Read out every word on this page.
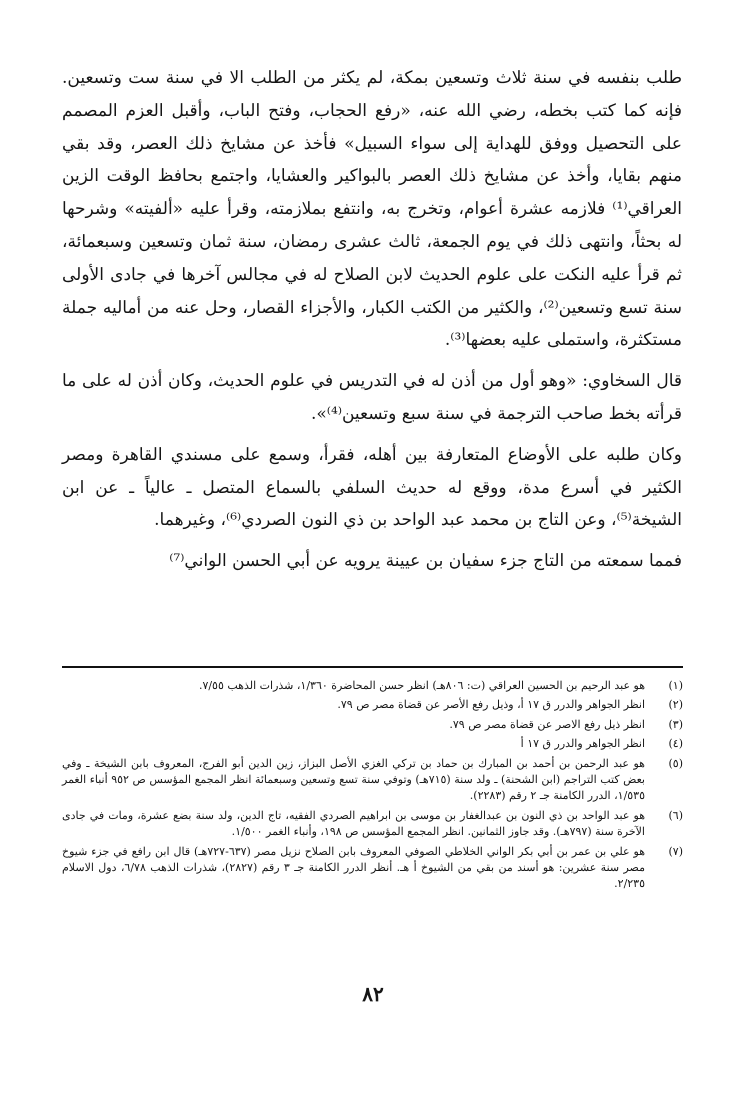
طلب بنفسه في سنة ثلاث وتسعين بمكة، لم يكثر من الطلب الا في سنة ست وتسعين. فإنه كما كتب بخطه، رضي الله عنه، «رفع الحجاب، وفتح الباب، وأقبل العزم المصمم على التحصيل ووفق للهداية إلى سواء السبيل» فأخذ عن مشايخ ذلك العصر، وقد بقي منهم بقايا، وأخذ عن مشايخ ذلك العصر بالبواكير والعشايا، واجتمع بحافظ الوقت الزين العراقي⁽¹⁾ فلازمه عشرة أعوام، وتخرج به، وانتفع بملازمته، وقرأ عليه «ألفيته» وشرحها له بحثاً، وانتهى ذلك في يوم الجمعة، ثالث عشرى رمضان، سنة ثمان وتسعين وسبعمائة، ثم قرأ عليه النكت على علوم الحديث لابن الصلاح له في مجالس آخرها في جادى الأولى سنة تسع وتسعين⁽²⁾، والكثير من الكتب الكبار، والأجزاء القصار، وحل عنه من أماليه جملة مستكثرة، واستملى عليه بعضها⁽³⁾.

قال السخاوي: «وهو أول من أذن له في التدريس في علوم الحديث، وكان أذن له على ما قرأته بخط صاحب الترجمة في سنة سبع وتسعين⁽⁴⁾».

وكان طلبه على الأوضاع المتعارفة بين أهله، فقرأ، وسمع على مسندي القاهرة ومصر الكثير في أسرع مدة، ووقع له حديث السلفي بالسماع المتصل ـ عالياً ـ عن ابن الشيخة⁽⁵⁾، وعن التاج بن محمد عبد الواحد بن ذي النون الصردي⁽⁶⁾، وغيرهما.

فمما سمعته من التاج جزء سفيان بن عيينة يرويه عن أبي الحسن الواني⁽⁷⁾

(١)
هو عبد الرحيم بن الحسين العراقي (ت: ٨٠٦هـ) انظر حسن المحاضرة ١/٣٦٠، شذرات الذهب ٧/٥٥.
(٢)
انظر الجواهر والدرر ق ١٧ أ، وذيل رفع الأصر عن قضاة مصر ص ٧٩.
(٣)
انظر ذيل رفع الاصر عن قضاة مصر ص ٧٩.
(٤)
انظر الجواهر والدرر ق ١٧ أ
(٥)
هو عبد الرحمن بن أحمد بن المبارك بن حماد بن تركي الغزي الأصل البزاز، زين الدين أبو الفرج، المعروف بابن الشيخة ـ وفي بعض كتب التراجم (ابن الشحنة) ـ ولد سنة (٧١٥هـ) وتوفي سنة تسع وتسعين وسبعمائة انظر المجمع المؤسس ص ٩٥٢ أنباء الغمر ١/٥٣٥، الدرر الكامنة جـ ٢ رقم (٢٢٨٣).
(٦)
هو عبد الواحد بن ذي النون بن عبدالغفار بن موسى بن ابراهيم الصردي الفقيه، تاج الدين، ولد سنة بضع عشرة، ومات في جادى الآخرة سنة (٧٩٧هـ). وقد جاوز الثمانين. انظر المجمع المؤسس ص ١٩٨، وأنباء الغمر ١/٥٠٠.
(٧)
هو علي بن عمر بن أبي بكر الواني الخلاطي الصوفي المعروف بابن الصلاح نزيل مصر (٦٣٧-٧٢٧هـ) قال ابن رافع في جزء شيوخ مصر سنة عشرين: هو أسند من بقي من الشيوخ أ هـ. أنظر الدرر الكامنة جـ ٣ رقم (٢٨٢٧)، شذرات الذهب ٦/٧٨، دول الاسلام ٢/٢٣٥.
٨٢
